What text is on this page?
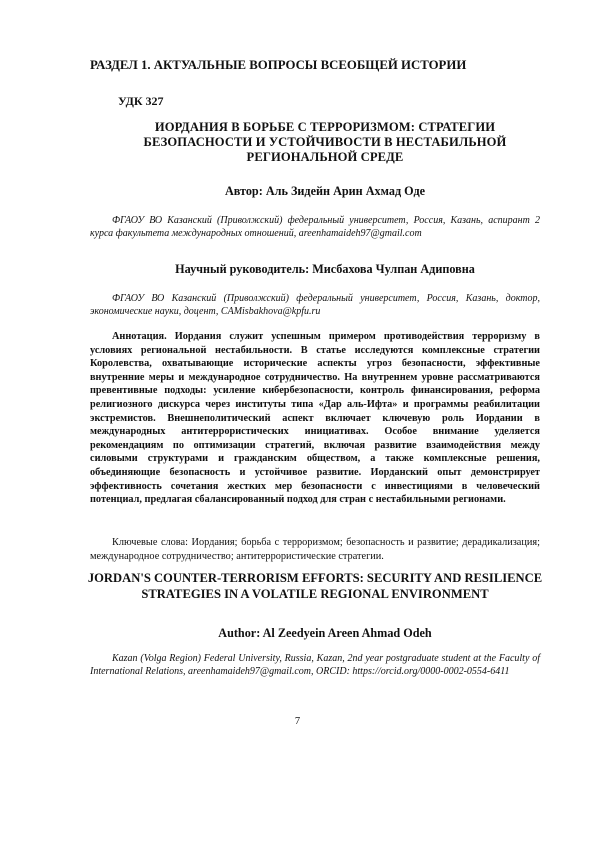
РАЗДЕЛ 1. АКТУАЛЬНЫЕ ВОПРОСЫ ВСЕОБЩЕЙ ИСТОРИИ
УДК 327
ИОРДАНИЯ В БОРЬБЕ С ТЕРРОРИЗМОМ: СТРАТЕГИИ БЕЗОПАСНОСТИ И УСТОЙЧИВОСТИ В НЕСТАБИЛЬНОЙ РЕГИОНАЛЬНОЙ СРЕДЕ
Автор: Аль Зидейн Арин Ахмад Оде

ФГАОУ ВО Казанский (Приволжский) федеральный университет, Россия, Казань, аспирант 2 курса факультета международных отношений, areenhamaideh97@gmail.com

Научный руководитель: Мисбахова Чулпан Адиповна

ФГАОУ ВО Казанский (Приволжский) федеральный университет, Россия, Казань, доктор, экономические науки, доцент, CAMisbakhova@kpfu.ru

Аннотация. Иордания служит успешным примером противодействия терроризму в условиях региональной нестабильности. В статье исследуются комплексные стратегии Королевства, охватывающие исторические аспекты угроз безопасности, эффективные внутренние меры и международное сотрудничество. На внутреннем уровне рассматриваются превентивные подходы: усиление кибербезопасности, контроль финансирования, реформа религиозного дискурса через институты типа «Дар аль-Ифта» и программы реабилитации экстремистов. Внешнеполитический аспект включает ключевую роль Иордании в международных антитеррористических инициативах. Особое внимание уделяется рекомендациям по оптимизации стратегий, включая развитие взаимодействия между силовыми структурами и гражданским обществом, а также комплексные решения, объединяющие безопасность и устойчивое развитие. Иорданский опыт демонстрирует эффективность сочетания жестких мер безопасности с инвестициями в человеческий потенциал, предлагая сбалансированный подход для стран с нестабильными регионами.

Ключевые слова: Иордания; борьба с терроризмом; безопасность и развитие; дерадикализация; международное сотрудничество; антитеррористические стратегии.

JORDAN'S COUNTER-TERRORISM EFFORTS: SECURITY AND RESILIENCE STRATEGIES IN A VOLATILE REGIONAL ENVIRONMENT
Author: Al Zeedyein Areen Ahmad Odeh

Kazan (Volga Region) Federal University, Russia, Kazan, 2nd year postgraduate student at the Faculty of International Relations, areenhamaideh97@gmail.com, ORCID: https://orcid.org/0000-0002-0554-6411

7
